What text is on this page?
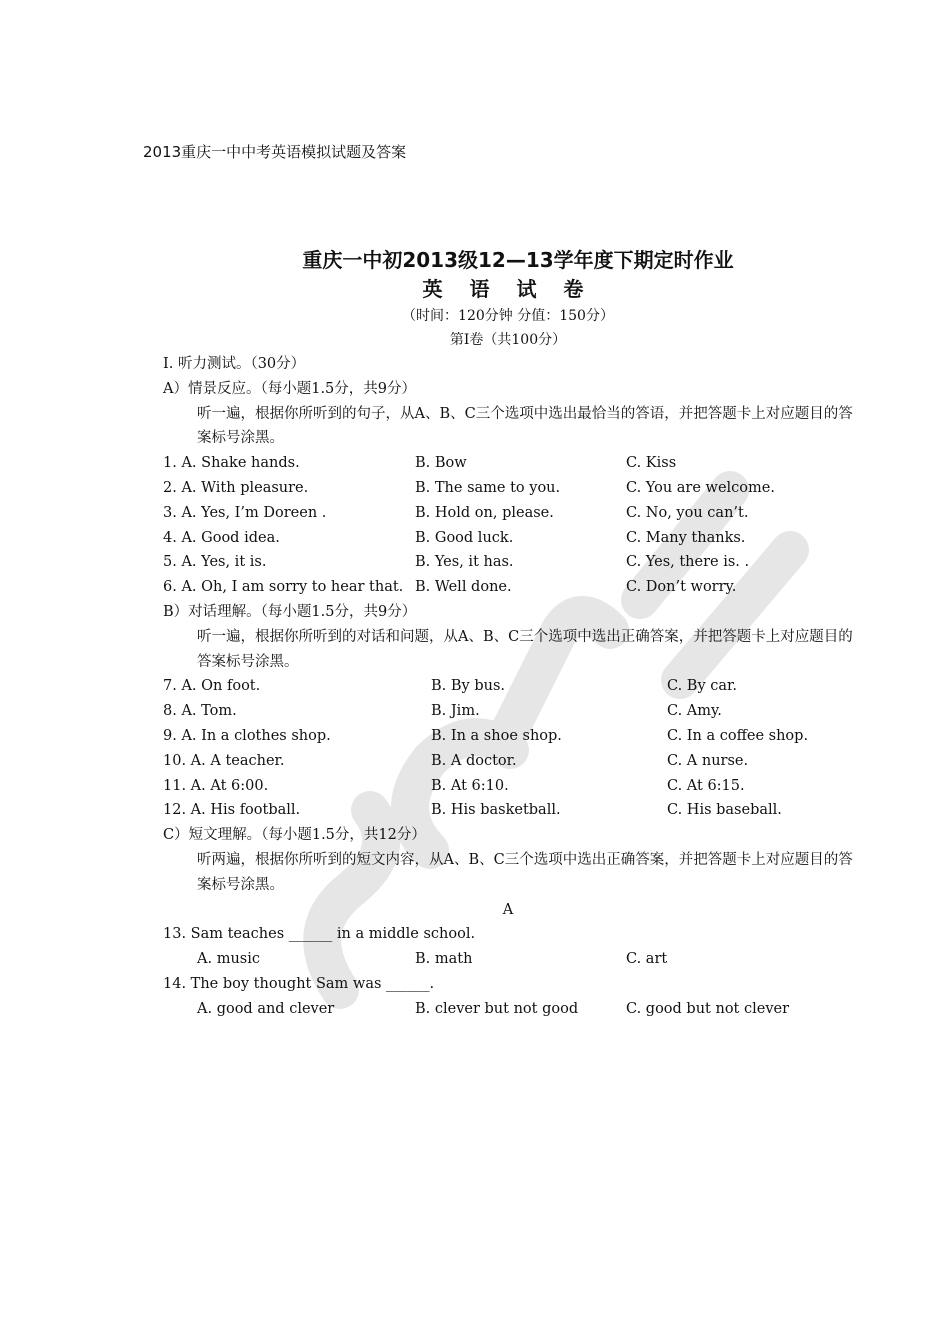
2013重庆一中中考英语模拟试题及答案
重庆一中初2013级12—13学年度下期定时作业
英 语 试 卷
（时间：120分钟 分值：150分）
第Ⅰ卷（共100分）
I. 听力测试。（30分）
A）情景反应。（每小题1.5分，共9分）
听一遍，根据你所听到的句子，从A、B、C三个选项中选出最恰当的答语，并把答题卡上对应题目的答案标号涂黑。
1. A. Shake hands.	B. Bow	C. Kiss
2. A. With pleasure.	B. The same to you.	C. You are welcome.
3. A. Yes, I’m Doreen .	B. Hold on, please.	C. No, you can’t.
4. A. Good idea.	B. Good luck.	C. Many thanks.
5. A. Yes, it is.	B. Yes, it has.	C. Yes, there is. .
6. A. Oh, I am sorry to hear that. B. Well done.	C. Don’t worry.
B）对话理解。（每小题1.5分，共9分）
听一遍，根据你所听到的对话和问题，从A、B、C三个选项中选出正确答案，并把答题卡上对应题目的答案标号涂黑。
7. A. On foot.	B. By bus.	C. By car.
8. A. Tom.	B. Jim.	C. Amy.
9. A. In a clothes shop.	B. In a shoe shop.	C. In a coffee shop.
10. A. A teacher.	B. A doctor.	C. A nurse.
11. A. At 6:00.	B. At 6:10.	C. At 6:15.
12. A. His football.	B. His basketball.	C. His baseball.
C）短文理解。（每小题1.5分，共12分）
听两遍，根据你所听到的短文内容，从A、B、C三个选项中选出正确答案，并把答题卡上对应题目的答案标号涂黑。
A
13. Sam teaches ______ in a middle school.
A. music	B. math	C. art
14. The boy thought Sam was ______.
A. good and clever	B. clever but not good	C. good but not clever
